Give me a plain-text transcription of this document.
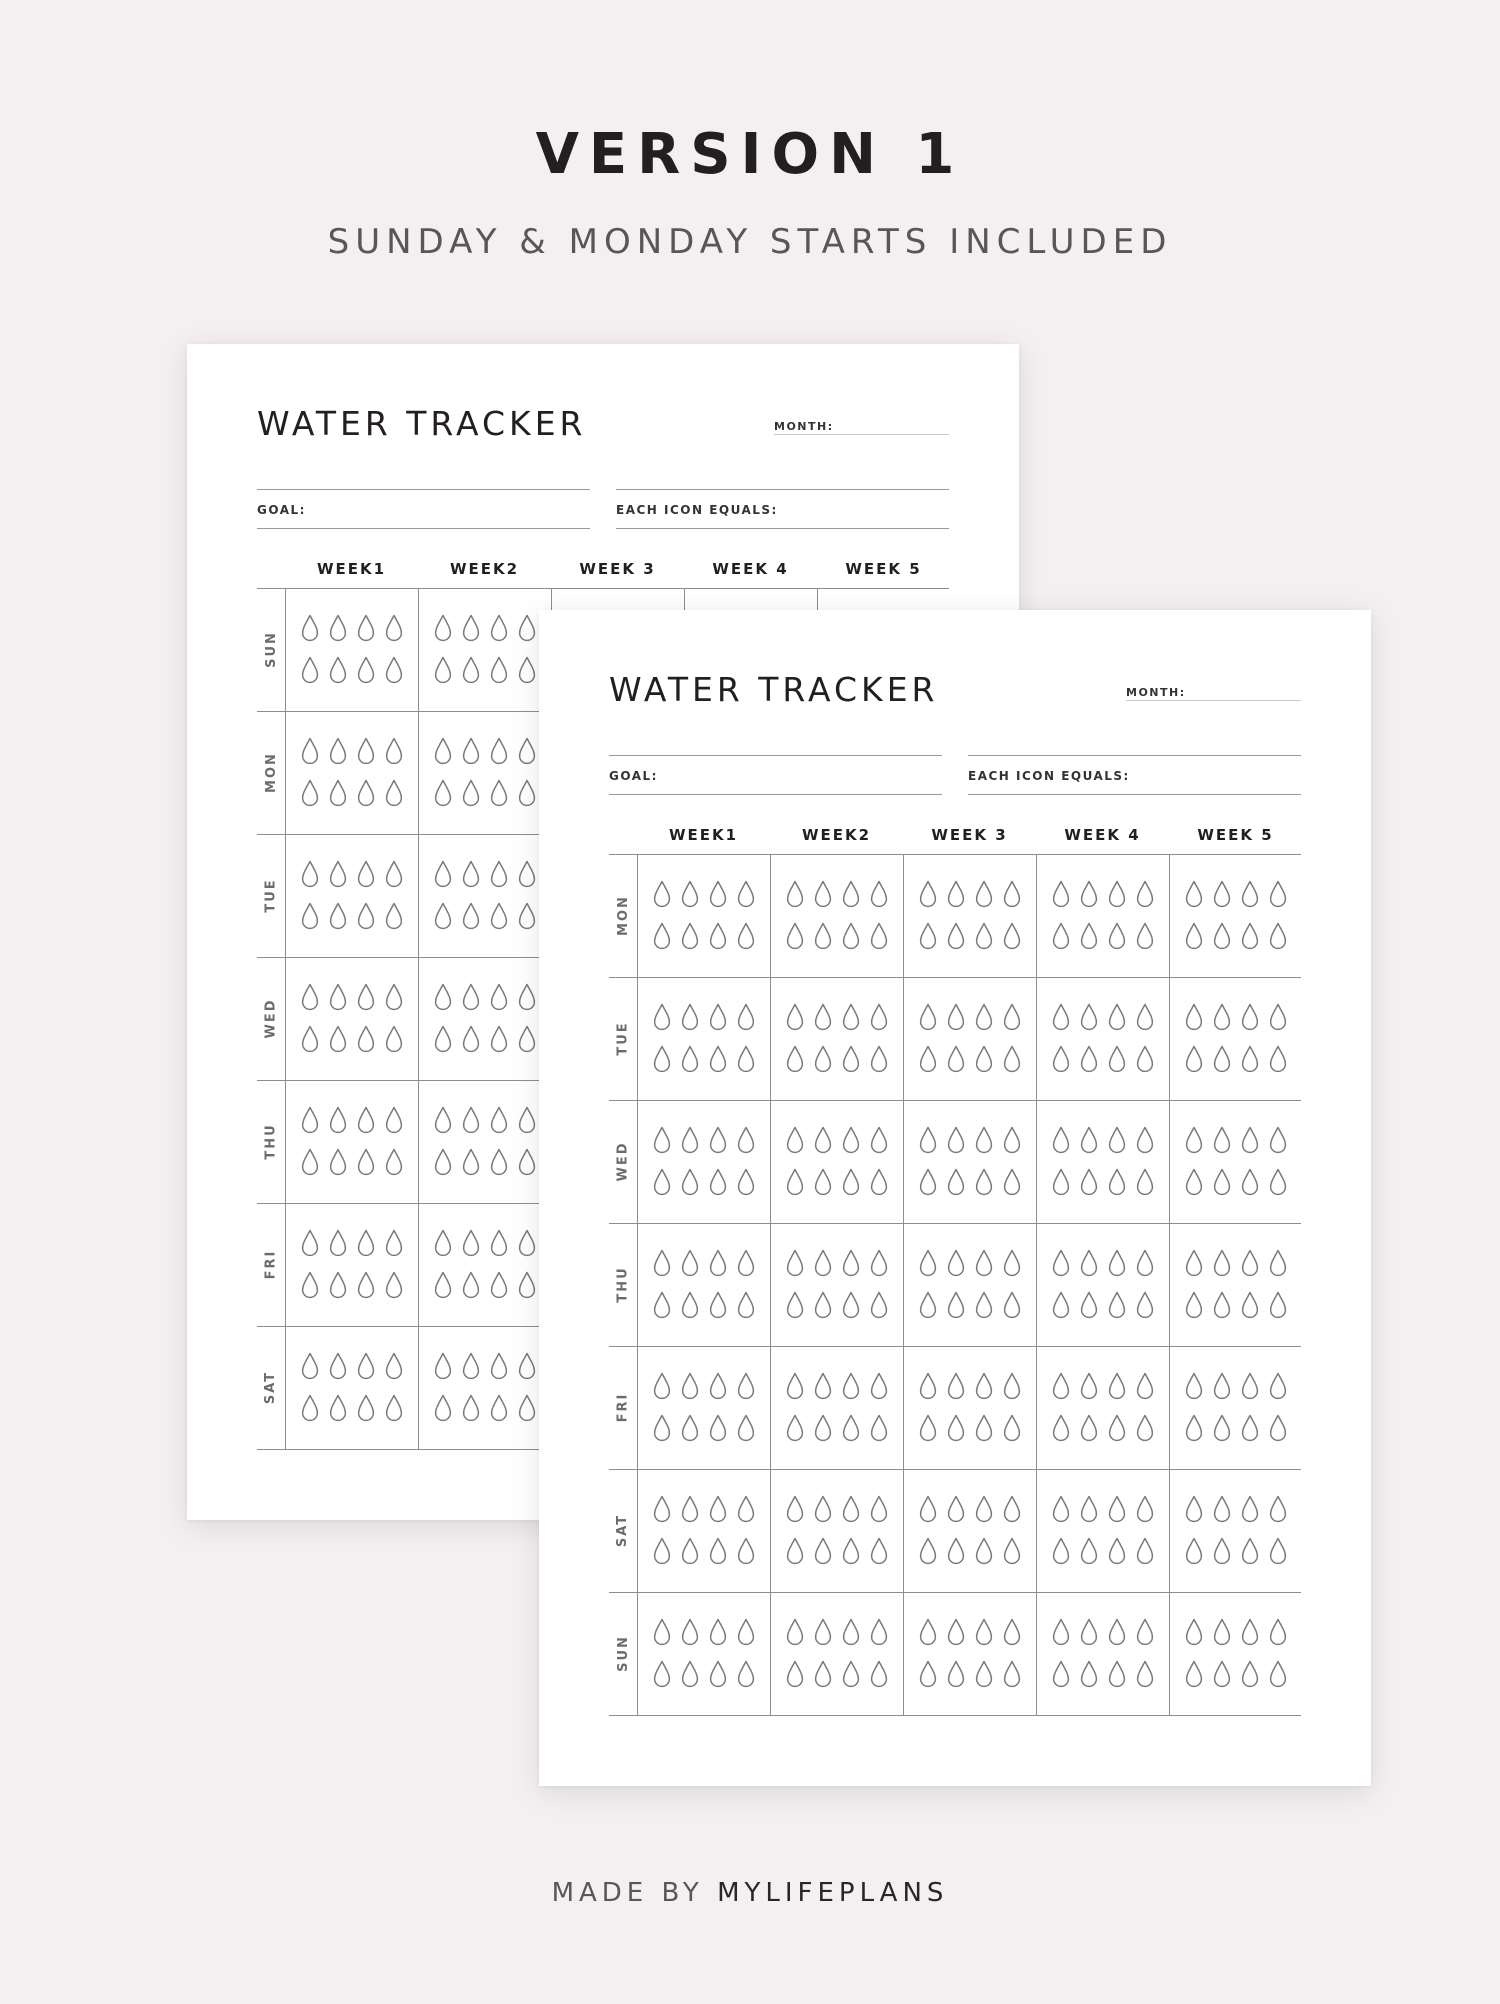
VERSION 1
SUNDAY & MONDAY STARTS INCLUDED
WATER TRACKER	MONTH:
GOAL:	EACH ICON EQUALS:
WEEK1	WEEK2	WEEK 3	WEEK 4	WEEK 5
SUN
MON
TUE
WED
THU
FRI
SAT
WATER TRACKER	MONTH:
GOAL:	EACH ICON EQUALS:
WEEK1	WEEK2	WEEK 3	WEEK 4	WEEK 5
MON
TUE
WED
THU
FRI
SAT
SUN
MADE BY MYLIFEPLANS
